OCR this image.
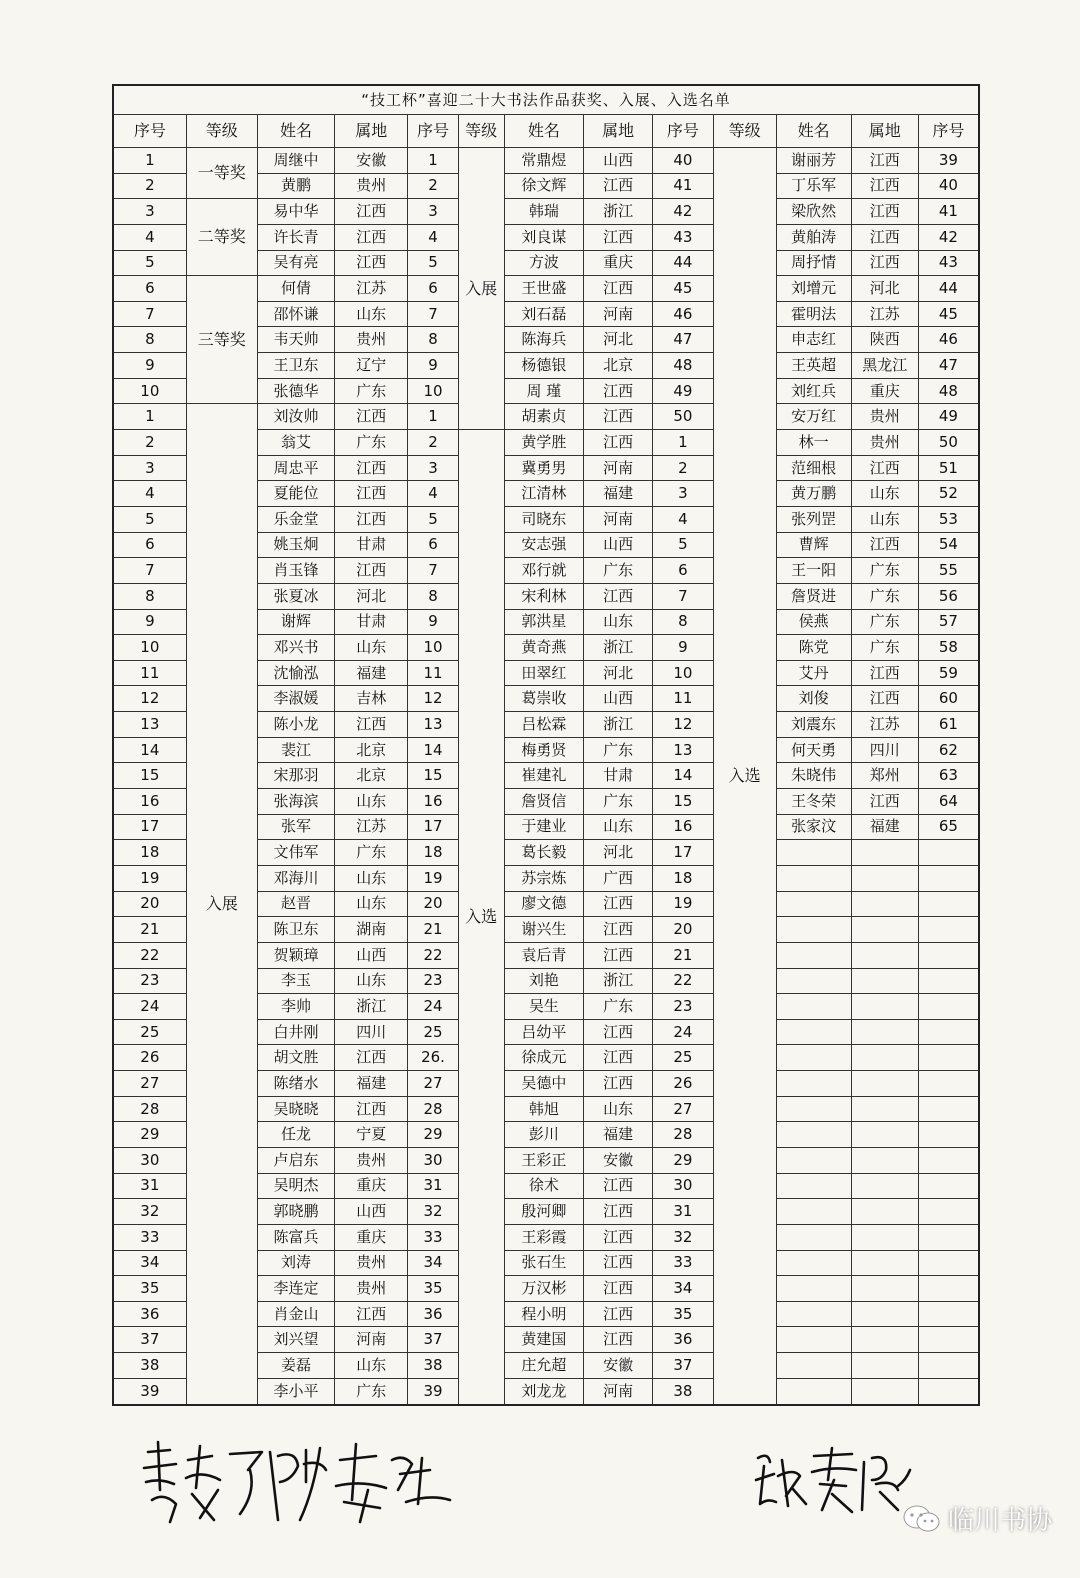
“技工杯”喜迎二十大书法作品获奖、入展、入选名单												
序号	等级	姓名	属地	序号	等级	姓名	属地	序号	等级	姓名	属地	序号
1	一等奖	周继中	安徽	1	入展	常鼎煜	山西	40	入选	谢丽芳	江西	39
2		黄鹏	贵州	2		徐文辉	江西	41		丁乐军	江西	40
3	二等奖	易中华	江西	3		韩瑞	浙江	42		梁欣然	江西	41
4		许长青	江西	4		刘良谋	江西	43		黄舶涛	江西	42
5		吴有亮	江西	5		方波	重庆	44		周抒情	江西	43
6	三等奖	何倩	江苏	6		王世盛	江西	45		刘增元	河北	44
7		邵怀谦	山东	7		刘石磊	河南	46		霍明法	江苏	45
8		韦天帅	贵州	8		陈海兵	河北	47		申志红	陕西	46
9		王卫东	辽宁	9		杨德银	北京	48		王英超	黑龙江	47
10		张德华	广东	10		周 瑾	江西	49		刘红兵	重庆	48
1	入展	刘汝帅	江西	1		胡素贞	江西	50		安万红	贵州	49
2		翁艾	广东	2	入选	黄学胜	江西	1		林一	贵州	50
3		周忠平	江西	3		冀勇男	河南	2		范细根	江西	51
4		夏能位	江西	4		江清林	福建	3		黄万鹏	山东	52
5		乐金堂	江西	5		司晓东	河南	4		张列罡	山东	53
6		姚玉炯	甘肃	6		安志强	山西	5		曹辉	江西	54
7		肖玉锋	江西	7		邓行就	广东	6		王一阳	广东	55
8		张夏冰	河北	8		宋利林	江西	7		詹贤进	广东	56
9		谢辉	甘肃	9		郭洪星	山东	8		侯燕	广东	57
10		邓兴书	山东	10		黄奇燕	浙江	9		陈党	广东	58
11		沈愉泓	福建	11		田翠红	河北	10		艾丹	江西	59
12		李淑媛	吉林	12		葛崇收	山西	11		刘俊	江西	60
13		陈小龙	江西	13		吕松霖	浙江	12		刘震东	江苏	61
14		裴江	北京	14		梅勇贤	广东	13		何天勇	四川	62
15		宋那羽	北京	15		崔建礼	甘肃	14		朱晓伟	郑州	63
16		张海滨	山东	16		詹贤信	广东	15		王冬荣	江西	64
17		张军	江苏	17		于建业	山东	16		张家汶	福建	65
18		文伟军	广东	18		葛长毅	河北	17				
19		邓海川	山东	19		苏宗炼	广西	18				
20		赵晋	山东	20		廖文德	江西	19				
21		陈卫东	湖南	21		谢兴生	江西	20				
22		贺颖璋	山西	22		袁后青	江西	21				
23		李玉	山东	23		刘艳	浙江	22				
24		李帅	浙江	24		吴生	广东	23				
25		白井刚	四川	25		吕幼平	江西	24				
26		胡文胜	江西	26.		徐成元	江西	25				
27		陈绪水	福建	27		吴德中	江西	26				
28		吴晓晓	江西	28		韩旭	山东	27				
29		任龙	宁夏	29		彭川	福建	28				
30		卢启东	贵州	30		王彩正	安徽	29				
31		吴明杰	重庆	31		徐术	江西	30				
32		郭晓鹏	山西	32		殷河卿	江西	31				
33		陈富兵	重庆	33		王彩霞	江西	32				
34		刘涛	贵州	34		张石生	江西	33				
35		李连定	贵州	35		万汉彬	江西	34				
36		肖金山	江西	36		程小明	江西	35				
37		刘兴望	河南	37		黄建国	江西	36				
38		姜磊	山东	38		庄允超	安徽	37				
39		李小平	广东	39		刘龙龙	河南	38				
临川书协
